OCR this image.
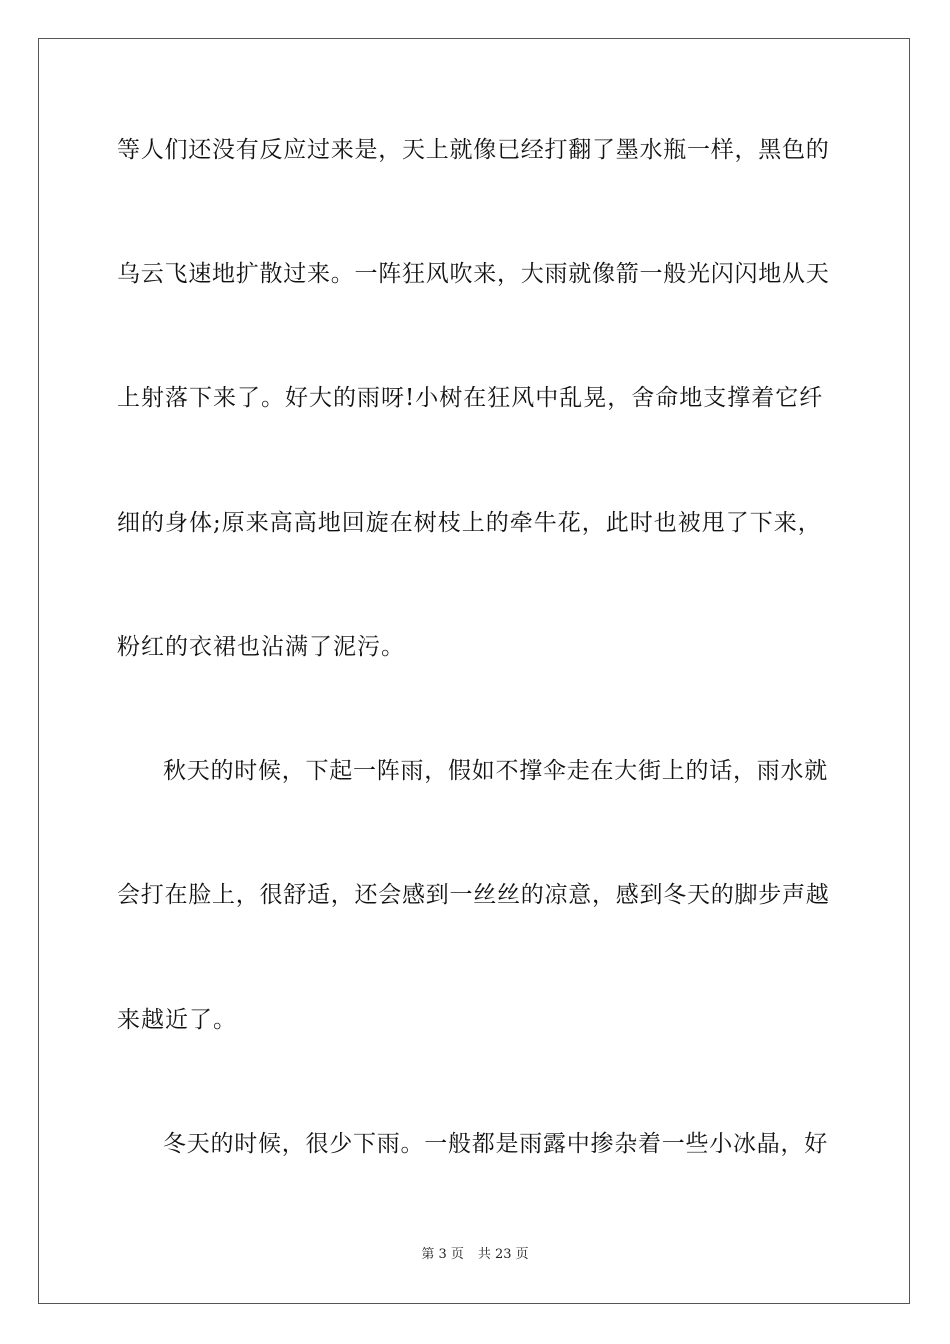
等人们还没有反应过来是，天上就像已经打翻了墨水瓶一样，黑色的
乌云飞速地扩散过来。一阵狂风吹来，大雨就像箭一般光闪闪地从天
上射落下来了。好大的雨呀!小树在狂风中乱晃，舍命地支撑着它纤
细的身体;原来高高地回旋在树枝上的牵牛花，此时也被甩了下来，
粉红的衣裙也沾满了泥污。
秋天的时候，下起一阵雨，假如不撑伞走在大街上的话，雨水就
会打在脸上，很舒适，还会感到一丝丝的凉意，感到冬天的脚步声越
来越近了。
冬天的时候，很少下雨。一般都是雨露中掺杂着一些小冰晶，好
第 3 页 共 23 页
